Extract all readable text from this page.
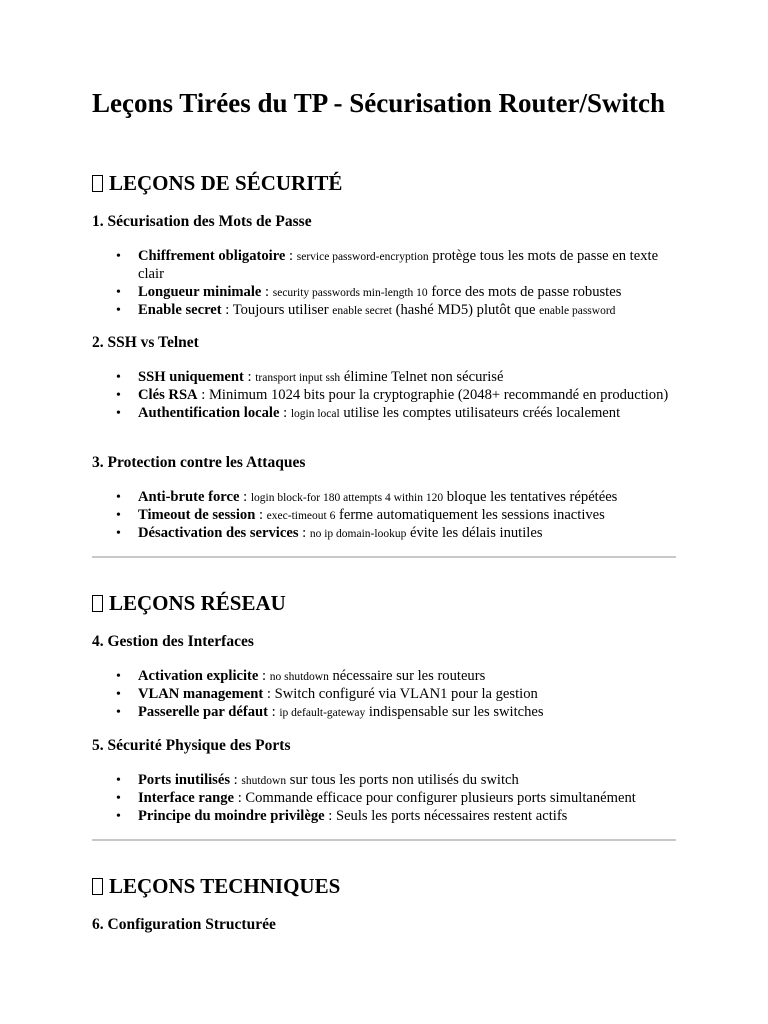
Leçons Tirées du TP - Sécurisation Router/Switch
LEÇONS DE SÉCURITÉ
1. Sécurisation des Mots de Passe
• Chiffrement obligatoire : service password-encryption protège tous les mots de passe en texte clair
• Longueur minimale : security passwords min-length 10 force des mots de passe robustes
• Enable secret : Toujours utiliser enable secret (hashé MD5) plutôt que enable password
2. SSH vs Telnet
• SSH uniquement : transport input ssh élimine Telnet non sécurisé
• Clés RSA : Minimum 1024 bits pour la cryptographie (2048+ recommandé en production)
• Authentification locale : login local utilise les comptes utilisateurs créés localement
3. Protection contre les Attaques
• Anti-brute force : login block-for 180 attempts 4 within 120 bloque les tentatives répétées
• Timeout de session : exec-timeout 6 ferme automatiquement les sessions inactives
• Désactivation des services : no ip domain-lookup évite les délais inutiles
LEÇONS RÉSEAU
4. Gestion des Interfaces
• Activation explicite : no shutdown nécessaire sur les routeurs
• VLAN management : Switch configuré via VLAN1 pour la gestion
• Passerelle par défaut : ip default-gateway indispensable sur les switches
5. Sécurité Physique des Ports
• Ports inutilisés : shutdown sur tous les ports non utilisés du switch
• Interface range : Commande efficace pour configurer plusieurs ports simultanément
• Principe du moindre privilège : Seuls les ports nécessaires restent actifs
LEÇONS TECHNIQUES
6. Configuration Structurée
